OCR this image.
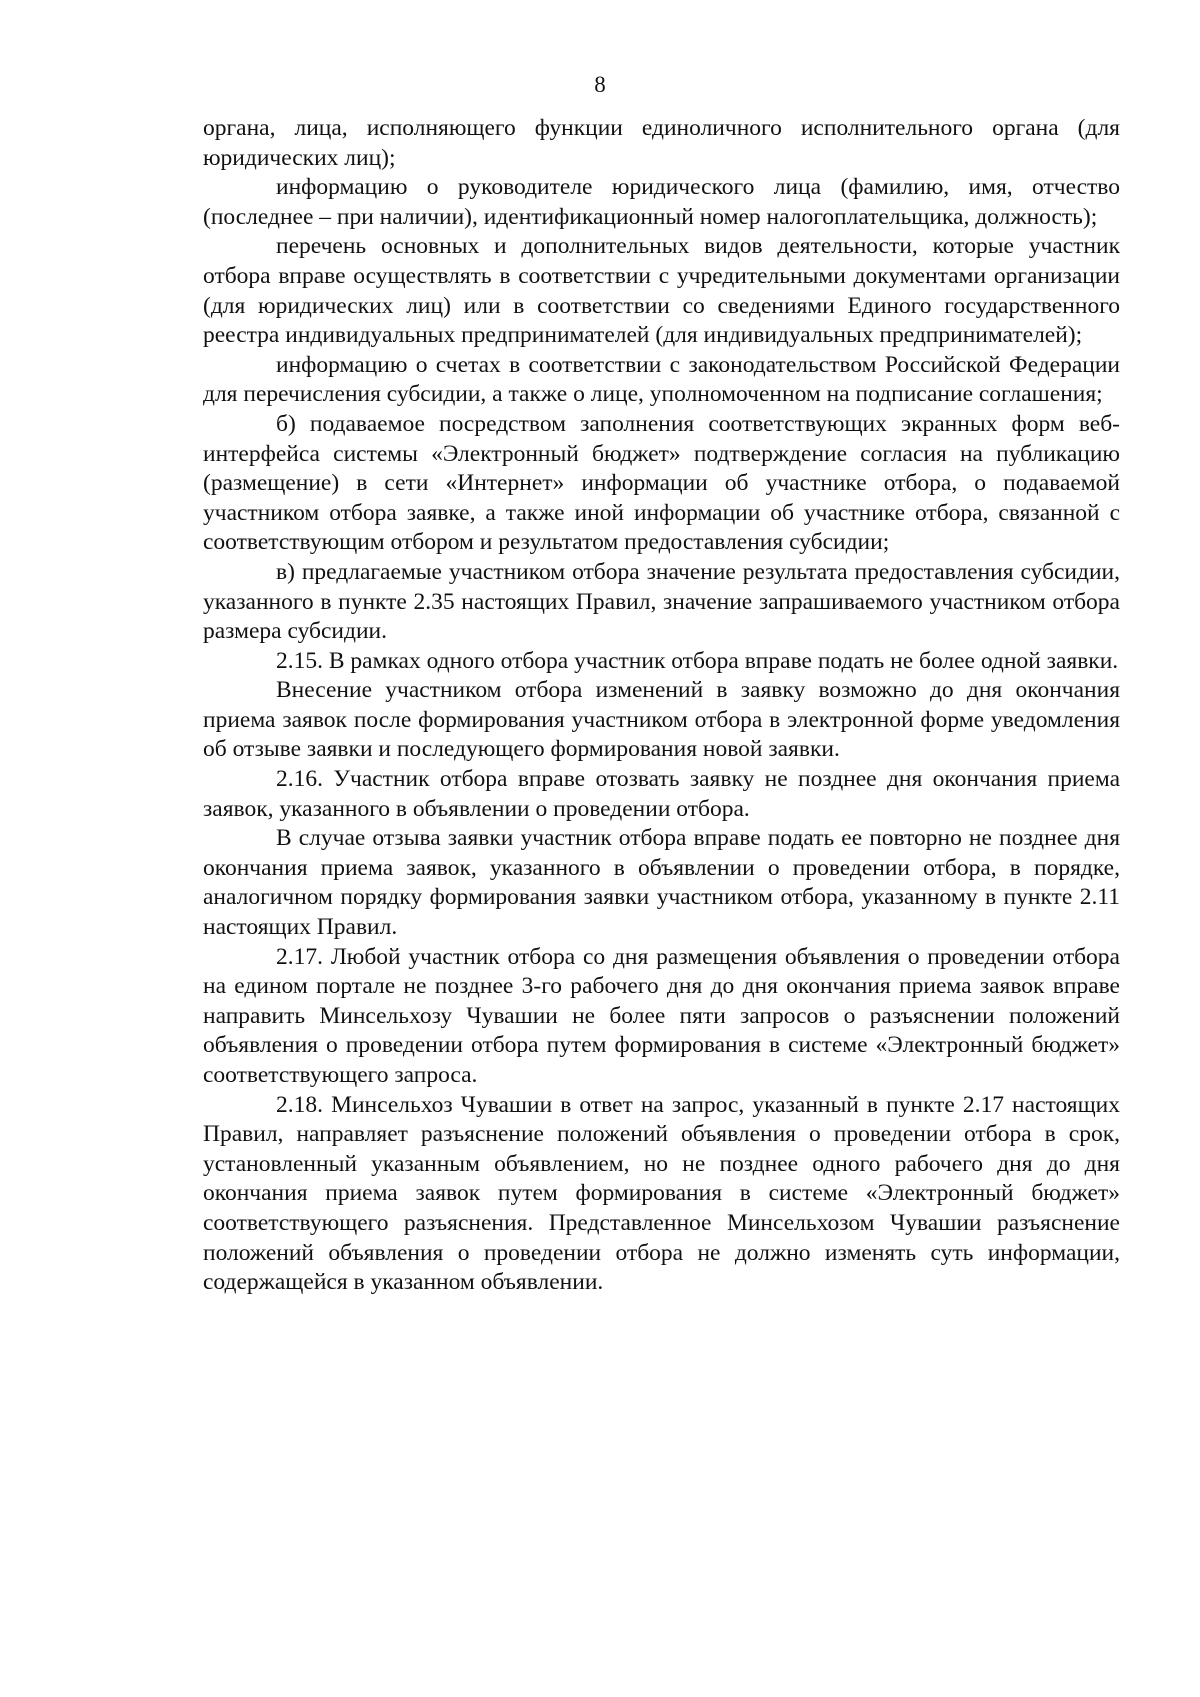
8

органа, лица, исполняющего функции единоличного исполнительного органа (для юридических лиц);

информацию о руководителе юридического лица (фамилию, имя, отчество (последнее – при наличии), идентификационный номер налогоплательщика, должность);

перечень основных и дополнительных видов деятельности, которые участник отбора вправе осуществлять в соответствии с учредительными документами организации (для юридических лиц) или в соответствии со сведениями Единого государственного реестра индивидуальных предпринимателей (для индивидуальных предпринимателей);

информацию о счетах в соответствии с законодательством Российской Федерации для перечисления субсидии, а также о лице, уполномоченном на подписание соглашения;

б) подаваемое посредством заполнения соответствующих экранных форм веб-интерфейса системы «Электронный бюджет» подтверждение согласия на публикацию (размещение) в сети «Интернет» информации об участнике отбора, о подаваемой участником отбора заявке, а также иной информации об участнике отбора, связанной с соответствующим отбором и результатом предоставления субсидии;

в) предлагаемые участником отбора значение результата предоставления субсидии, указанного в пункте 2.35 настоящих Правил, значение запрашиваемого участником отбора размера субсидии.

2.15. В рамках одного отбора участник отбора вправе подать не более одной заявки.

Внесение участником отбора изменений в заявку возможно до дня окончания приема заявок после формирования участником отбора в электронной форме уведомления об отзыве заявки и последующего формирования новой заявки.

2.16. Участник отбора вправе отозвать заявку не позднее дня окончания приема заявок, указанного в объявлении о проведении отбора.

В случае отзыва заявки участник отбора вправе подать ее повторно не позднее дня окончания приема заявок, указанного в объявлении о проведении отбора, в порядке, аналогичном порядку формирования заявки участником отбора, указанному в пункте 2.11 настоящих Правил.

2.17. Любой участник отбора со дня размещения объявления о проведении отбора на едином портале не позднее 3-го рабочего дня до дня окончания приема заявок вправе направить Минсельхозу Чувашии не более пяти запросов о разъяснении положений объявления о проведении отбора путем формирования в системе «Электронный бюджет» соответствующего запроса.

2.18. Минсельхоз Чувашии в ответ на запрос, указанный в пункте 2.17 настоящих Правил, направляет разъяснение положений объявления о проведении отбора в срок, установленный указанным объявлением, но не позднее одного рабочего дня до дня окончания приема заявок путем формирования в системе «Электронный бюджет» соответствующего разъяснения. Представленное Минсельхозом Чувашии разъяснение положений объявления о проведении отбора не должно изменять суть информации, содержащейся в указанном объявлении.
